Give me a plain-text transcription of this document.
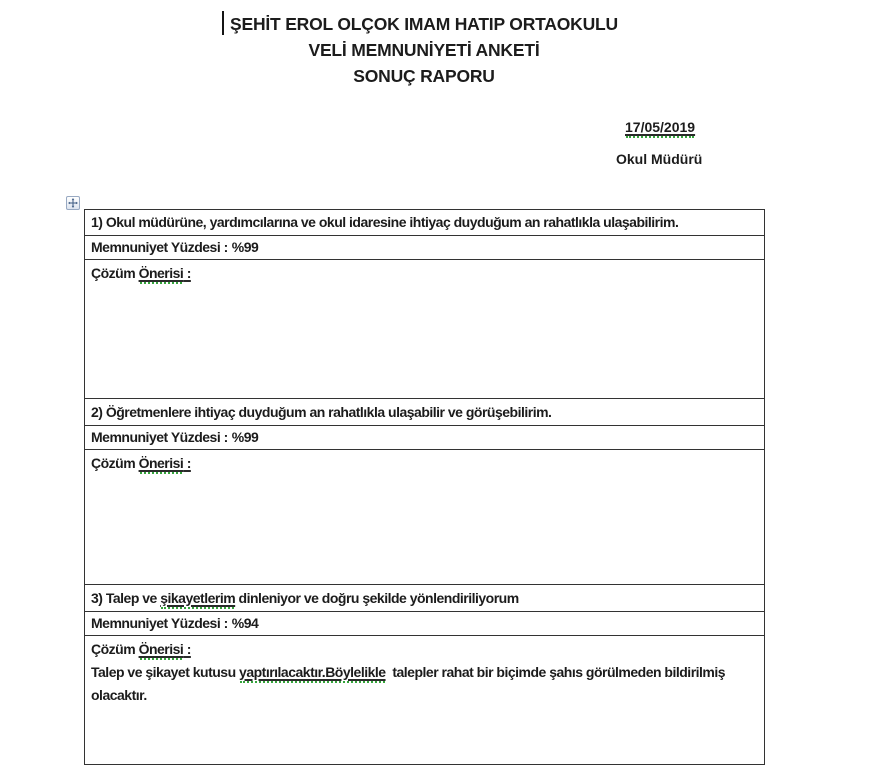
ŞEHİT EROL OLÇOK IMAM HATIP ORTAOKULU
VELİ MEMNUNİYETİ ANKETİ
SONUÇ RAPORU
17/05/2019
Okul Müdürü
1) Okul müdürüne, yardımcılarına ve okul idaresine ihtiyaç duyduğum an rahatlıkla ulaşabilirim.
Memnuniyet Yüzdesi : %99
Çözüm Önerisi :
2) Öğretmenlere ihtiyaç duyduğum an rahatlıkla ulaşabilir ve görüşebilirim.
Memnuniyet Yüzdesi : %99
Çözüm Önerisi :
3) Talep ve şikayetlerim dinleniyor ve doğru şekilde yönlendiriliyorum
Memnuniyet Yüzdesi : %94
Çözüm Önerisi :
Talep ve şikayet kutusu yaptırılacaktır.Böylelikle  talepler rahat bir biçimde şahıs görülmeden bildirilmiş olacaktır.
